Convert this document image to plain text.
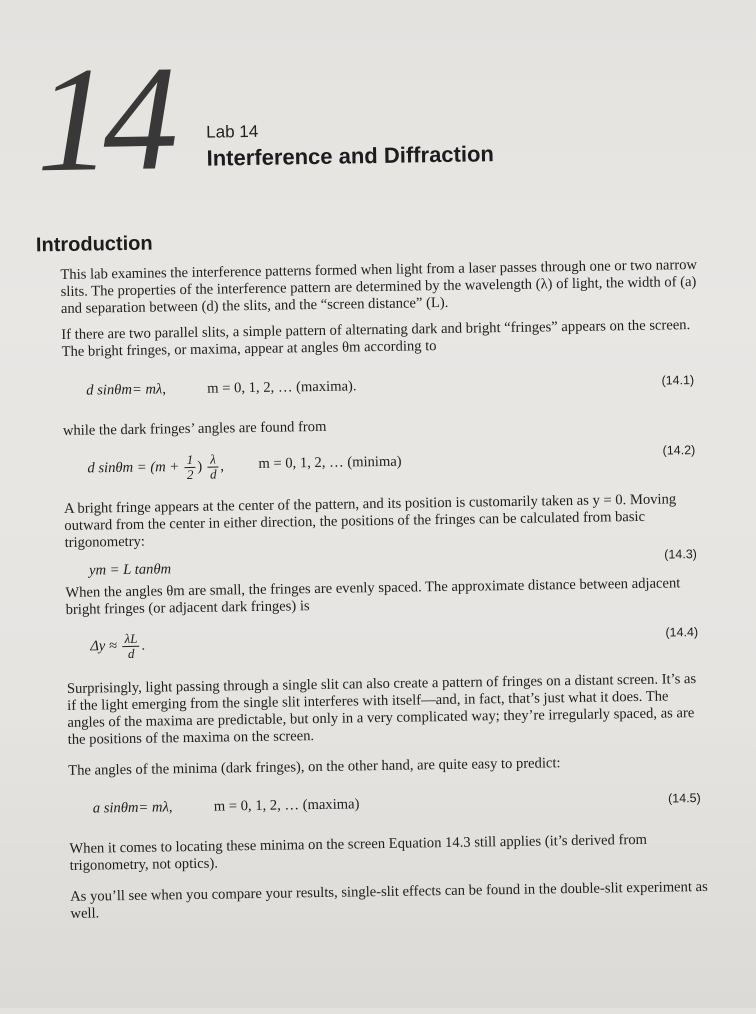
14 Lab 14
Interference and Diffraction
Introduction
This lab examines the interference patterns formed when light from a laser passes through one or two narrow slits. The properties of the interference pattern are determined by the wavelength (λ) of light, the width of (a) and separation between (d) the slits, and the “screen distance” (L).
If there are two parallel slits, a simple pattern of alternating dark and bright “fringes” appears on the screen. The bright fringes, or maxima, appear at angles θm according to
d sinθm= mλ,	m = 0, 1, 2, … (maxima).	(14.1)
while the dark fringes’ angles are found from
d $\sin\theta m = (m + \frac{1}{2}$ ) $\frac{\lambda}{d}$ , m = 0, 1, 2, … (minima)
(14.2)
A bright fringe appears at the center of the pattern, and its position is customarily taken as y = 0. Moving outward from the center in either direction, the positions of the fringes can be calculated from basic trigonometry:
ym = L tanθm
(14.3)
When the angles θm are small, the fringes are evenly spaced. The approximate distance between adjacent bright fringes (or adjacent dark fringes) is
$\Delta y \approx \frac{\lambda L}{d}$ .
(14.4)
Surprisingly, light passing through a single slit can also create a pattern of fringes on a distant screen. It’s as if the light emerging from the single slit interferes with itself—and, in fact, that’s just what it does. The angles of the maxima are predictable, but only in a very complicated way; they’re irregularly spaced, as are the positions of the maxima on the screen.
The angles of the minima (dark fringes), on the other hand, are quite easy to predict:
a sinθm= mλ,	m = 0, 1, 2, … (maxima)	(14.5)
When it comes to locating these minima on the screen Equation 14.3 still applies (it’s derived from trigonometry, not optics).
As you’ll see when you compare your results, single-slit effects can be found in the double-slit experiment as well.
